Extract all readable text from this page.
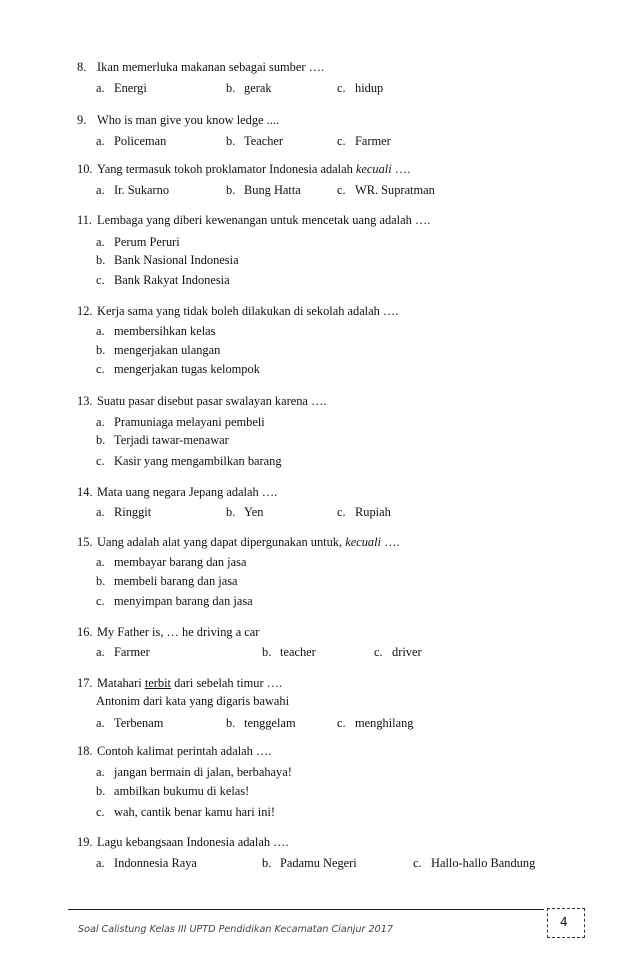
8. Ikan memerluka makanan sebagai sumber ….
a. Energi	b. gerak	c. hidup
9. Who is man give you know ledge ....
a. Policeman	b. Teacher	c. Farmer
10. Yang termasuk tokoh proklamator Indonesia adalah kecuali ….
a. Ir. Sukarno	b. Bung Hatta	c. WR. Supratman
11. Lembaga yang diberi kewenangan untuk mencetak uang adalah ….
a. Perum Peruri
b. Bank Nasional Indonesia
c. Bank Rakyat Indonesia
12. Kerja sama yang tidak boleh dilakukan di sekolah adalah ….
a. membersihkan kelas
b. mengerjakan ulangan
c. mengerjakan tugas kelompok
13. Suatu pasar disebut pasar swalayan karena ….
a. Pramuniaga melayani pembeli
b. Terjadi tawar-menawar
c. Kasir yang mengambilkan barang
14. Mata uang negara Jepang adalah ….
a. Ringgit	b. Yen	c. Rupiah
15. Uang adalah alat yang dapat dipergunakan untuk, kecuali ….
a. membayar barang dan jasa
b. membeli barang dan jasa
c. menyimpan barang dan jasa
16. My Father is, … he driving a car
a. Farmer	b. teacher	c. driver
17. Matahari terbit dari sebelah timur ….
Antonim dari kata yang digaris bawahi
a. Terbenam	b. tenggelam	c. menghilang
18. Contoh kalimat perintah adalah ….
a. jangan bermain di jalan, berbahaya!
b. ambilkan bukumu di kelas!
c. wah, cantik benar kamu hari ini!
19. Lagu kebangsaan Indonesia adalah ….
a. Indonnesia Raya	b. Padamu Negeri	c. Hallo-hallo Bandung
Soal Calistung Kelas III UPTD Pendidikan Kecamatan Cianjur 2017
4
